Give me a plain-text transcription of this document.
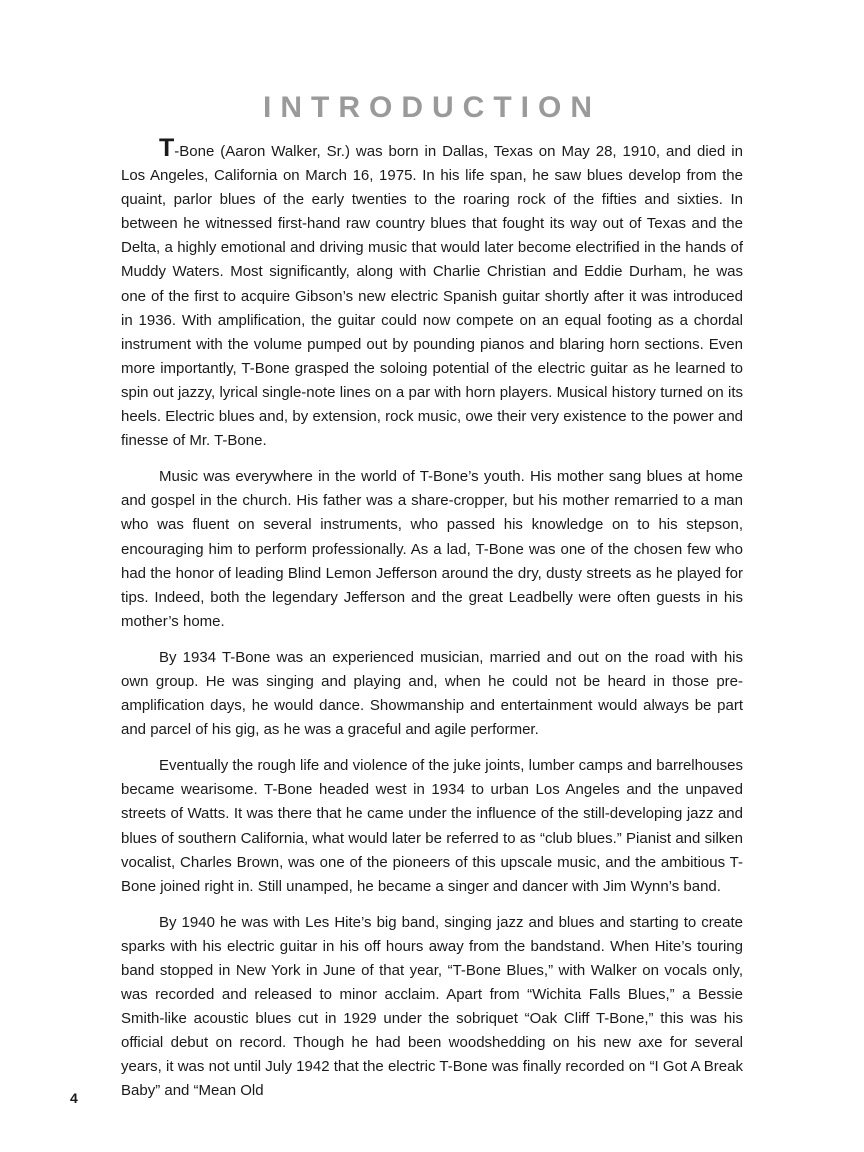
INTRODUCTION

T-Bone (Aaron Walker, Sr.) was born in Dallas, Texas on May 28, 1910, and died in Los Angeles, California on March 16, 1975. In his life span, he saw blues develop from the quaint, parlor blues of the early twenties to the roaring rock of the fifties and sixties. In between he witnessed first-hand raw country blues that fought its way out of Texas and the Delta, a highly emotional and driving music that would later become electrified in the hands of Muddy Waters. Most significantly, along with Charlie Christian and Eddie Durham, he was one of the first to acquire Gibson’s new electric Spanish guitar shortly after it was introduced in 1936. With amplification, the guitar could now compete on an equal footing as a chordal instrument with the volume pumped out by pounding pianos and blaring horn sections. Even more importantly, T-Bone grasped the soloing potential of the electric guitar as he learned to spin out jazzy, lyrical single-note lines on a par with horn players. Musical history turned on its heels. Electric blues and, by extension, rock music, owe their very existence to the power and finesse of Mr. T-Bone.

Music was everywhere in the world of T-Bone’s youth. His mother sang blues at home and gospel in the church. His father was a share-cropper, but his mother remarried to a man who was fluent on several instruments, who passed his knowledge on to his stepson, encouraging him to perform professionally. As a lad, T-Bone was one of the chosen few who had the honor of leading Blind Lemon Jefferson around the dry, dusty streets as he played for tips. Indeed, both the legendary Jefferson and the great Leadbelly were often guests in his mother’s home.

By 1934 T-Bone was an experienced musician, married and out on the road with his own group. He was singing and playing and, when he could not be heard in those pre-amplification days, he would dance. Showmanship and entertainment would always be part and parcel of his gig, as he was a graceful and agile performer.

Eventually the rough life and violence of the juke joints, lumber camps and barrelhouses became wearisome. T-Bone headed west in 1934 to urban Los Angeles and the unpaved streets of Watts. It was there that he came under the influence of the still-developing jazz and blues of southern California, what would later be referred to as “club blues.” Pianist and silken vocalist, Charles Brown, was one of the pioneers of this upscale music, and the ambitious T-Bone joined right in. Still unamped, he became a singer and dancer with Jim Wynn’s band.

By 1940 he was with Les Hite’s big band, singing jazz and blues and starting to create sparks with his electric guitar in his off hours away from the bandstand. When Hite’s touring band stopped in New York in June of that year, “T-Bone Blues,” with Walker on vocals only, was recorded and released to minor acclaim. Apart from “Wichita Falls Blues,” a Bessie Smith-like acoustic blues cut in 1929 under the sobriquet “Oak Cliff T-Bone,” this was his official debut on record. Though he had been woodshedding on his new axe for several years, it was not until July 1942 that the electric T-Bone was finally recorded on “I Got A Break Baby” and “Mean Old

4
